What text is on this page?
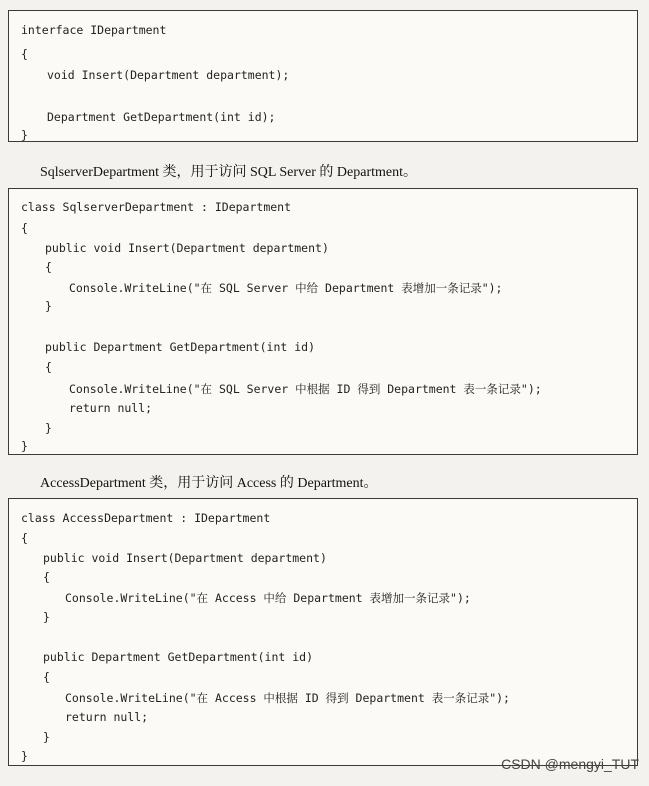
interface IDepartment
{
void Insert(Department department);
Department GetDepartment(int id);
}
SqlserverDepartment 类，用于访问 SQL Server 的 Department。
class SqlserverDepartment : IDepartment
{
public void Insert(Department department)
{
Console.WriteLine("在 SQL Server 中给 Department 表增加一条记录");
}
public Department GetDepartment(int id)
{
Console.WriteLine("在 SQL Server 中根据 ID 得到 Department 表一条记录");
return null;
}
}
AccessDepartment 类，用于访问 Access 的 Department。
class AccessDepartment : IDepartment
{
public void Insert(Department department)
{
Console.WriteLine("在 Access 中给 Department 表增加一条记录");
}
public Department GetDepartment(int id)
{
Console.WriteLine("在 Access 中根据 ID 得到 Department 表一条记录");
return null;
}
}	CSDN @mengyi_TUT
